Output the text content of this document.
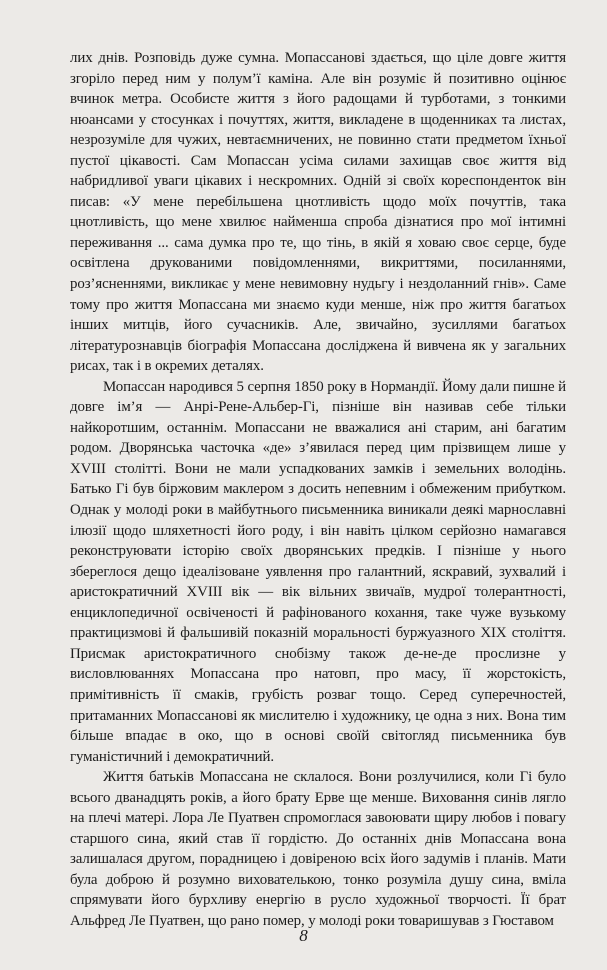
лих днів. Розповідь дуже сумна. Мопассанові здається, що ціле довге життя згоріло перед ним у полум’ї каміна. Але він розуміє й позитивно оцінює вчинок метра. Особисте життя з його радощами й турботами, з тонкими нюансами у стосунках і почуттях, життя, викладене в щоденниках та листах, незрозуміле для чужих, невтаємничених, не повинно стати предметом їхньої пустої цікавості. Сам Мопассан усіма силами захищав своє життя від набридливої уваги цікавих і нескромних. Одній зі своїх кореспонденток він писав: «У мене перебільшена цнотливість щодо моїх почуттів, така цнотливість, що мене хвилює найменша спроба дізнатися про мої інтимні переживання ... сама думка про те, що тінь, в якій я ховаю своє серце, буде освітлена друкованими повідомленнями, викриттями, посиланнями, роз’ясненнями, викликає у мене невимовну нудьгу і нездоланний гнів». Саме тому про життя Мопассана ми знаємо куди менше, ніж про життя багатьох інших митців, його сучасників. Але, звичайно, зусиллями багатьох літературознавців біографія Мопассана досліджена й вивчена як у загальних рисах, так і в окремих деталях.

Мопассан народився 5 серпня 1850 року в Нормандії. Йому дали пишне й довге ім’я — Анрі-Рене-Альбер-Гі, пізніше він називав себе тільки найкоротшим, останнім. Мопассани не вважалися ані старим, ані багатим родом. Дворянська часточка «де» з’явилася перед цим прізвищем лише у XVIII столітті. Вони не мали успадкованих замків і земельних володінь. Батько Гі був біржовим маклером з досить непевним і обмеженим прибутком. Однак у молоді роки в майбутнього письменника виникали деякі марнославні ілюзії щодо шляхетності його роду, і він навіть цілком серйозно намагався реконструювати історію своїх дворянських предків. І пізніше у нього збереглося дещо ідеалізоване уявлення про галантний, яскравий, зухвалий і аристократичний XVIII вік — вік вільних звичаїв, мудрої толерантності, енциклопедичної освіченості й рафінованого кохання, таке чуже вузькому практицизмові й фальшивій показній моральності буржуазного XIX століття. Присмак аристократичного снобізму також де-не-де прослизне у висловлюваннях Мопассана про натовп, про масу, її жорстокість, примітивність її смаків, грубість розваг тощо. Серед суперечностей, притаманних Мопассанові як мислителю і художнику, це одна з них. Вона тим більше впадає в око, що в основі своїй світогляд письменника був гуманістичний і демократичний.

Життя батьків Мопассана не склалося. Вони розлучилися, коли Гі було всього дванадцять років, а його брату Ерве ще менше. Виховання синів лягло на плечі матері. Лора Ле Пуатвен спромоглася завоювати щиру любов і повагу старшого сина, який став її гордістю. До останніх днів Мопассана вона залишалася другом, порадницею і довіреною всіх його задумів і планів. Мати була доброю й розумно вихователькою, тонко розуміла душу сина, вміла спрямувати його бурхливу енергію в русло художньої творчості. Її брат Альфред Ле Пуатвен, що рано помер, у молоді роки товаришував з Гюставом

8
